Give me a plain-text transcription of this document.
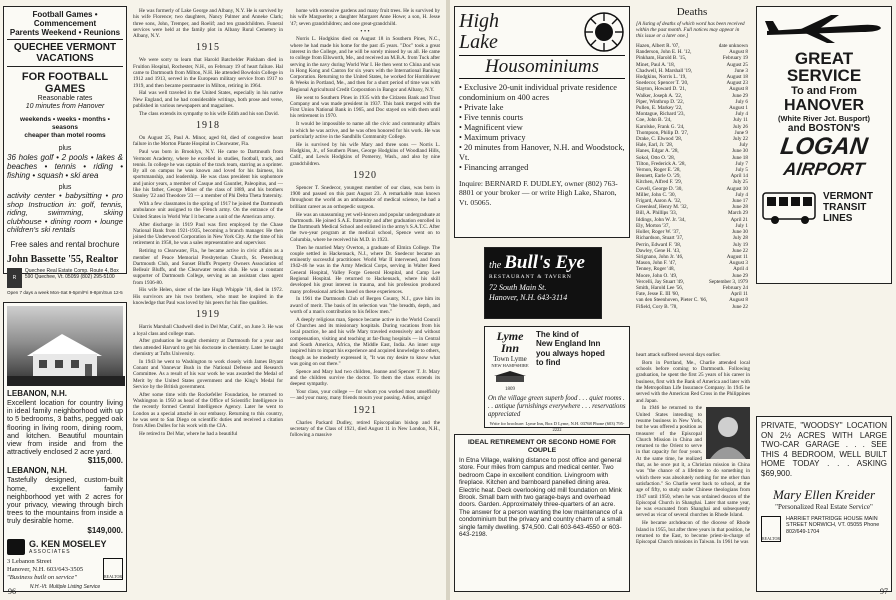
Football Games • Commencement
Parents Weekend • Reunions
QUECHEE VERMONT VACATIONS
FOR FOOTBALL GAMES
Reasonable rates
10 minutes from Hanover
weekends • weeks • months • seasons
cheaper than motel rooms
plus
36 holes golf • 2 pools • lakes & beaches • tennis • riding • fishing • squash • ski area
plus
activity center • babysitting • pro shop Instruction in: golf, tennis, riding, swimming, skiing clubhouse • dining room • lounge children's ski rentals
Free sales and rental brochure
John Bassette '55, Realtor
R
Quechee Real Estate Comp. Route 4, Box 590 Quechee, Vt. 05059 (802) 295-5100
Open 7 days a week Mon-Sat 9-5pm/Fri 9-8pm/Sun 12-5
LEBANON, N.H.
Excellent location for country living in ideal family neighborhood with up to 5 bedrooms, 3 baths, pegged oak flooring in living room, dining room, and kitchen. Beautiful mountain view from inside and from the attractively enclosed 2 acre yard.
$115,000.
LEBANON, N.H.
Tastefully designed, custom-built home, excellent family neighborhood yet with 2 acres for your privacy, viewing through birch trees to the mountains from inside a truly desirable home.
$149,000.
G. KEN MOSELEY
ASSOCIATES
3 Lebanon Street
Hanover, N.H. 603/643-3505
"Business built on service"	REALTOR
N.H.-Vt. Multiple Listing Service

He was formerly of Lake George and Albany, N.Y. He is survived by his wife Florence; two daughters, Nancy Palmer and Anneke Clark; three sons, John, Tremper, and Roelif; and ten grandchildren. Funeral services were held at the family plot in Albany Rural Cemetery in Albany, N.Y.

1915

We were sorry to learn that Harold Batchelder Pinkham died in Fruitlon Hospital, Rochester, N.H., on February 19 of heart failure. Hal came to Dartmouth from Milton, N.H. He attended Bowdoin College in 1912 and 1913, served in the European military service from 1917 to 1919, and then became postmaster in Milton, retiring in 1964.

Hal was well traveled in the United States, especially in his native New England, and he had considerable writings, both prose and verse, published in various newspapers and magazines.

The class extends its sympathy to his wife Edith and his son David.

1918

On August 25, Paul A. Minor, aged 84, died of congestive heart failure in the Morton Plante Hospital in Clearwater, Fla.

Paul was born in Brooklyn, N.Y. He came to Dartmouth from Vermont Academy, where he excelled in studies, football, track, and tennis. In college he was captain of the track team, starring as a sprinter. By all on campus he was known and loved for his fairness, his sportsmanship, and leadership. He was class president his sophomore and junior years, a member of Casque and Gauntlet, Paleopitus, and — like his father, George Miner of the class of 1889, and his brothers Stanley '22 and Theodore '23 — a member of Phi Delta Theta fraternity.

With a few classmates in the spring of 1917 he joined the Dartmouth ambulance unit assigned to the French army. On the entrance of the United States in World War I it became a unit of the American army.

After discharge in 1919 Paul was first employed by the Chase National Bank from 1921-1935, becoming a branch manager. He then joined the Underwood Corporation in New York City. At the time of his retirement in 1958, he was a sales representative and supervisor.

Retiring to Clearwater, Fla., he became active in civic affairs as a member of Peace Memorial Presbyterian Church, St. Petersburg Dartmouth Club, and Sunset Bluffs Property Owners Association of Belleair Bluffs, and the Clearwater tennis club. He was a constant supporter of Dartmouth College, serving as an assistant class agent from 1936-80.

His wife Helen, sister of the late Hugh Whipple '18, died in 1972. His survivors are his two brothers, who must be inspired in the knowledge that Paul was loved by his peers for his fine qualities.

1919

Harris Marshall Chadwell died in Del Mar, Calif., on June 3. He was a loyal class and college man.

After graduation he taught chemistry at Dartmouth for a year and then attended Harvard to get his doctorate in chemistry. Later he taught chemistry at Tufts University.

In 1943 he went to Washington to work closely with James Bryant Conant and Vannevar Bush in the National Defense and Research Committee. As a result of his war work he was awarded the Medal of Merit by the United States government and the King's Medal for Service by the British government.

After some time with the Rockefeller Foundation, he returned to Washington in 1950 as head of the Office of Scientific Intelligence in the recently formed Central Intelligence Agency. Later he went to London as a special attaché in our embassy. Returning to this country, he was sent to San Diego on scientific duties and received a citation from Allen Dulles for his work with the CIA.

He retired to Del Mar, where he had a beautiful

home with extensive gardens and many fruit trees. He is survived by his wife Marguerite; a daughter Margaret Anne Howe; a son, H. Jesse '47; seven grandchildren; and one great-grandchild.

• • •

Norris L. Hodgkins died on August 18 in Southern Pines, N.C., where he had made his home for the past 45 years. "Doc" took a great interest in the College, and he will be sorely missed by us all. He came to college from Ellsworth, Me., and received an M.B.A. from Tuck after serving in the navy during World War I. He then went to China and was in Hong Kong and Canton for six years with the International Banking Corporation. Returning to the United States, he worked for Hornblower & Weeks in Portland, Me., and then for a short period of time was with Regional Agricultural Credit Corporation in Bangor and Albany, N.Y.

He went to Southern Pines in 1935 with the Citizens Bank and Trust Company and was made president in 1937. This bank merged with the First Union National Bank in 1965, and Doc stayed on with them until his retirement in 1970.

It would be impossible to name all the civic and community affairs in which he was active, and he was often honored for his work. He was particularly active in the Sandhills Community College.

He is survived by his wife Mary and three sons — Norris L. Hodgkins, Jr., of Southern Pines, George Hodgkins of Woodland Hills, Calif., and Lewis Hodgkins of Pomeroy, Wash., and also by nine grandchildren.

1920

Spencer T. Snedecor, youngest member of our class, was born in 1900 and passed on this past August 23. A remarkable man known throughout the world as an ambassador of medical science, he had a brilliant career as an orthopedic surgeon.

He was an unassuming yet well-known and popular undergraduate at Dartmouth. He joined S.A.E. fraternity and after graduation enrolled in the Dartmouth Medical School and enlisted in the army's S.A.T.C. After the two-year program at the medical school, Spence went on to Columbia, where he received his M.D. in 1923.

Then he married Mary Overton, a graduate of Elmira College. The couple settled in Hackensack, N.J., where Dr. Snedecor became an eminently successful practitioner. World War II intervened, and from 1942-46 he was in the Army Medical Corps, serving in Walter Reed General Hospital, Valley Forge General Hospital, and Camp Lee Regional Hospital. He returned to Hackensack, where his skill developed his great interest in trauma, and his profession produced many professional articles based on these experiences.

In 1961 the Dartmouth Club of Bergen County, N.J., gave him its award of merit. The basis of its selection was "the breadth, depth, and worth of a man's contribution to his fellow men."

A deeply religious man, Spence became active in the World Council of Churches and its missionary hospitals. During vacations from his local practice, he and his wife Mary traveled extensively and without compensation, visiting and teaching at far-flung hospitals — in Central and South America, Africa, the Middle East, India. An inner urge inspired him to impart his experience and acquired knowledge to others, though as he modestly expressed it, "It was my desire to know what was going on out there."

Spence and Mary had two children, Jeanne and Spencer T. Jr. Mary and the children survive the doctor. To them the class extends its deepest sympathy.

Your class, your college — for whom you worked most unselfishly — and your many, many friends mourn your passing. Adios, amigo!

1921

Charles Packard Dudley, retired Episcopalian bishop and the secretary of the Class of 1921, died August 11 in New London, N.H., following a massive

96
High
Lake
Housominiums
• Exclusive 20-unit individual private residence condominium on 400 acres
• Private lake
• Five tennis courts
• Magnificent view
• Maximum privacy
• 20 minutes from Hanover, N.H. and Woodstock, Vt.
• Financing arranged
Inquire: BERNARD F. DUDLEY, owner (802) 763-8801 or your broker — or write High Lake, Sharon, Vt. 05065.
Deaths
[A listing of deaths of which word has been received within the past month. Full notices may appear in this issue or a later one.]
Hazen, Albert R. '07,	date unknown
Randerson, John E. H. '12,	August 8
Pinkham, Harold B. '15,	February 19
Minet, Paul A. '18,	August 25
Chadwell, H. Marshall '19,	June 3
Hodgkins, Norris L. '19,	August 18
Snedecor, Spencer T. '20,	August 23
Slayton, Howard D. '21,	August 8
Walker, Joseph A. '22,	June 29
Piper, Winthrop D. '22,	July 6
Pullen, E. Markey '22,	August 1
Montague, Richard '23,	July 4
Coe, John B. '24,	July 11
Karolske, Frank G. '24,	July 26
Thompson, Philip D. '27,	June 9
Drake, C. Elwood '28,	July 22
Hale, Earl, Jr. '28,	July
Hanes, Edgar A. '28,	June 30
Sokol, Otto O. '28,	June 18
Tilton, Frederick A. '28,	July 7
Vernon, Roger E. '28,	July 5
Bennett, Earle O. '29,	April 14
Kitchen, Alfred F. '29,	July 25
Covell, George D. '30,	August 10
Miller, John C. '30,	July 4
Frigard, Aaron A. '32,	June 17
Greenleaf, Henry M. '32,	June 28
Bill, A. Phillips '33,	March 29
Iddings, John W. Jr. '34,	April 21
Ely, Morton '37,	July 1
Holler, Roger W. '37,	June 30
Richardson, Stuart '37,	July 28
Perrin, Edward F. '38,	July 19
Dawley, Gene H. '43,	June 22
Sirignano, John Jr. '46,	August 11
Mason, John F. '47,	August 3
Tenney, Roger '48,	April 4
Moore, John O. '49,	June 29
Vercelli, Jay Stuart '49,	September 3, 1979
Smith, Harold Lee '56,	February 24
Fate, Jesse E. III '60,	April 11
van den Steenhoven, Pieter C. '66,	August 8
Fifield, Cory B. '78,	June 22
the Bull's Eye
RESTAURANT & TAVERN
72 South Main St.
Hanover, N.H. 643-3114
Lyme
Inn
Town Lyme
NEW HAMPSHIRE
1809
The kind of
New England Inn
you always hoped
to find
On the village green superb food . . . quiet rooms . . . antique furnishings everywhere . . . reservations appreciated
Write for brochure: Lyme Inn, Box D Lyme, N.H. 03768 Phone (603) 795-2222
IDEAL RETIREMENT OR SECOND HOME FOR COUPLE
In Etna Village, walking distance to post office and general store. Four miles from campus and medical center. Two bedroom Cape in excellent condition. Livingroom with fireplace. Kitchen and barnboard panelled dining area. Electric heat. Deck overlooking old mill foundation on Mink Brook. Small barn with two garage-bays and overhead doors. Garden. Approximately three-quarters of an acre. The answer for a person wanting the low maintenance of a condominium but the privacy and country charm of a small single family dwelling. $74,500. Call 603-643-4550 or 603-643-2198.

heart attack suffered several days earlier.

Born in Portland, Me., Charlie attended local schools before coming to Dartmouth. Following graduation, he spent the first 25 years of his career in business, first with the Bank of America and later with the Metropolitan Life Insurance Company. In 1945 he served with the American Red Cross in the Philippines and Japan.

In 1946 he returned to the United States intending to resume business in New York, but he was offered a position as treasurer of the Episcopal Church Mission in China and returned to the Orient to serve in that capacity for four years. At the same time, he realized that, as he once put it, a Christian mission in China was "the chance of a lifetime to do something in which there was absolutely nothing for me other than satisfaction." So Charlie went back to school, at the age of fifty, to study under Chinese theologians from 1947 until 1950, when he was ordained deacon of the Episcopal Church in Shanghai. Later that same year, he was evacuated from Shanghai and subsequently served as vicar of several churches in Rhode Island.

He became archdeacon of the diocese of Rhode Island in 1955, but after three years in that position, he returned to the East, to become priest-in-charge of Episcopal Church missions in Taiwan. In 1961 he was

GREAT
SERVICE
To and From
HANOVER
(White River Jct. Busport)
and BOSTON'S
LOGAN
AIRPORT
VERMONT
TRANSIT
LINES
PRIVATE, "WOODSY" LOCATION ON 2½ ACRES WITH LARGE TWO-CAR GARAGE . . . SEE THIS 4 BEDROOM, WELL BUILT HOME TODAY . . . ASKING $69,900.
Mary Ellen Kreider
"Personalized Real Estate Service"
REALTOR
HARRIET PARTRIDGE HOUSE MAIN STREET NORWICH, VT. 05055 Phone 802/649-1704
97
